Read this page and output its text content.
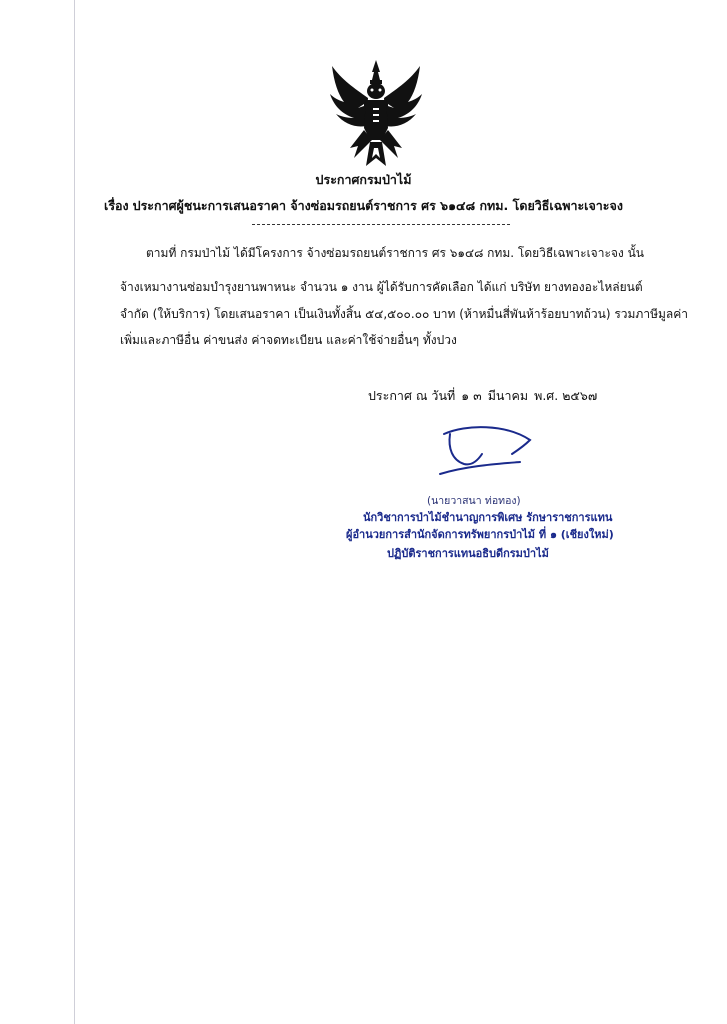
ประกาศกรมป่าไม้
เรื่อง ประกาศผู้ชนะการเสนอราคา จ้างซ่อมรถยนต์ราชการ ศร ๖๑๔๘ กทม. โดยวิธีเฉพาะเจาะจง
ตามที่ กรมป่าไม้ ได้มีโครงการ จ้างซ่อมรถยนต์ราชการ ศร ๖๑๔๘ กทม. โดยวิธีเฉพาะเจาะจง นั้น
จ้างเหมางานซ่อมบำรุงยานพาหนะ จำนวน ๑ งาน ผู้ได้รับการคัดเลือก ได้แก่ บริษัท ยางทองอะไหล่ยนต์
จำกัด (ให้บริการ) โดยเสนอราคา เป็นเงินทั้งสิ้น ๕๔,๕๐๐.๐๐ บาท (ห้าหมื่นสี่พันห้าร้อยบาทถ้วน) รวมภาษีมูลค่า
เพิ่มและภาษีอื่น ค่าขนส่ง ค่าจดทะเบียน และค่าใช้จ่ายอื่นๆ ทั้งปวง
ประกาศ ณ วันที่ ๑ ๓ มีนาคม พ.ศ. ๒๕๖๗
(นายวาสนา ท่อทอง)
นักวิชาการป่าไม้ชำนาญการพิเศษ รักษาราชการแทน
ผู้อำนวยการสำนักจัดการทรัพยากรป่าไม้ ที่ ๑ (เชียงใหม่)
ปฏิบัติราชการแทนอธิบดีกรมป่าไม้
